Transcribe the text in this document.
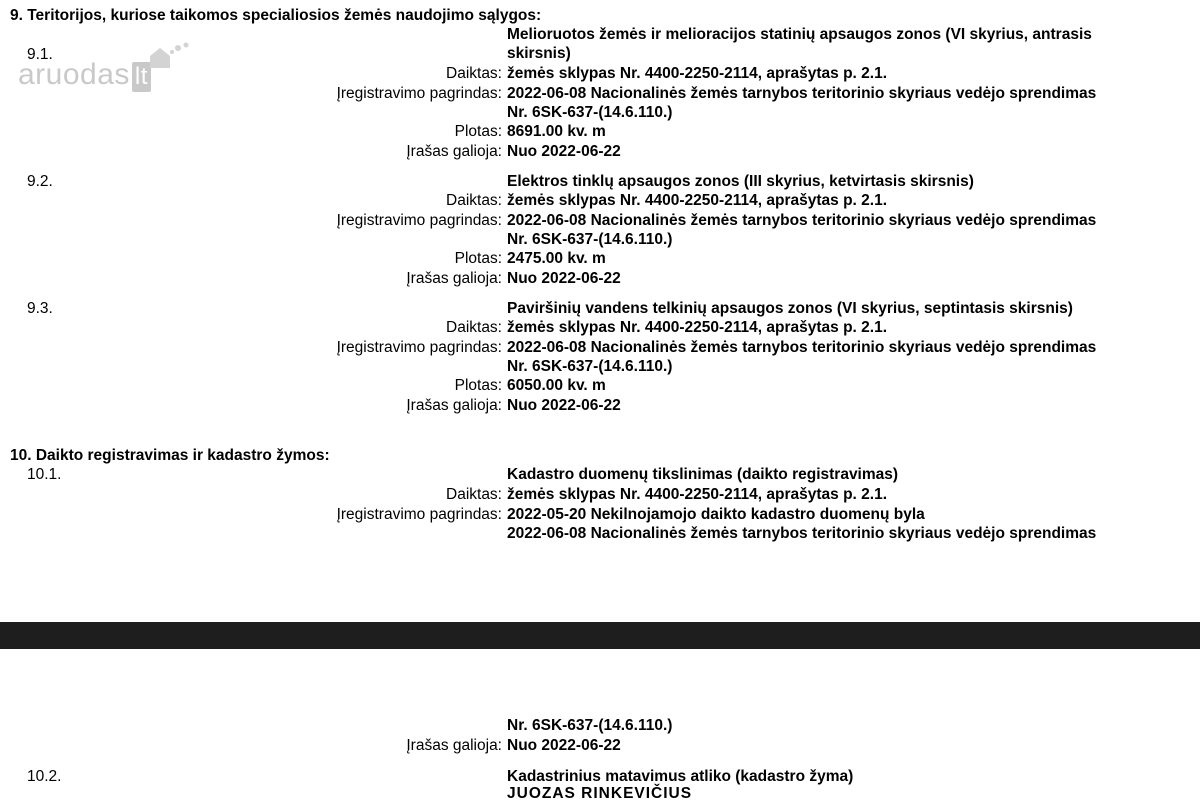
aruodas lt
9. Teritorijos, kuriose taikomos specialiosios žemės naudojimo sąlygos:
9.1.
Melioruotos žemės ir melioracijos statinių apsaugos zonos (VI skyrius, antrasis
skirsnis)
Daiktas: žemės sklypas Nr. 4400-2250-2114, aprašytas p. 2.1.
Įregistravimo pagrindas: 2022-06-08 Nacionalinės žemės tarnybos teritorinio skyriaus vedėjo sprendimas
Nr. 6SK-637-(14.6.110.)
Plotas: 8691.00 kv. m
Įrašas galioja: Nuo 2022-06-22
9.2.	Elektros tinklų apsaugos zonos (III skyrius, ketvirtasis skirsnis)
Daiktas: žemės sklypas Nr. 4400-2250-2114, aprašytas p. 2.1.
Įregistravimo pagrindas: 2022-06-08 Nacionalinės žemės tarnybos teritorinio skyriaus vedėjo sprendimas
Nr. 6SK-637-(14.6.110.)
Plotas: 2475.00 kv. m
Įrašas galioja: Nuo 2022-06-22
9.3.	Paviršinių vandens telkinių apsaugos zonos (VI skyrius, septintasis skirsnis)
Daiktas: žemės sklypas Nr. 4400-2250-2114, aprašytas p. 2.1.
Įregistravimo pagrindas: 2022-06-08 Nacionalinės žemės tarnybos teritorinio skyriaus vedėjo sprendimas
Nr. 6SK-637-(14.6.110.)
Plotas: 6050.00 kv. m
Įrašas galioja: Nuo 2022-06-22
10. Daikto registravimas ir kadastro žymos:
10.1.	Kadastro duomenų tikslinimas (daikto registravimas)
Daiktas: žemės sklypas Nr. 4400-2250-2114, aprašytas p. 2.1.
Įregistravimo pagrindas: 2022-05-20 Nekilnojamojo daikto kadastro duomenų byla
2022-06-08 Nacionalinės žemės tarnybos teritorinio skyriaus vedėjo sprendimas
Nr. 6SK-637-(14.6.110.)
Įrašas galioja: Nuo 2022-06-22
10.2.	Kadastrinius matavimus atliko (kadastro žyma)
JUOZAS RINKEVIČIUS
